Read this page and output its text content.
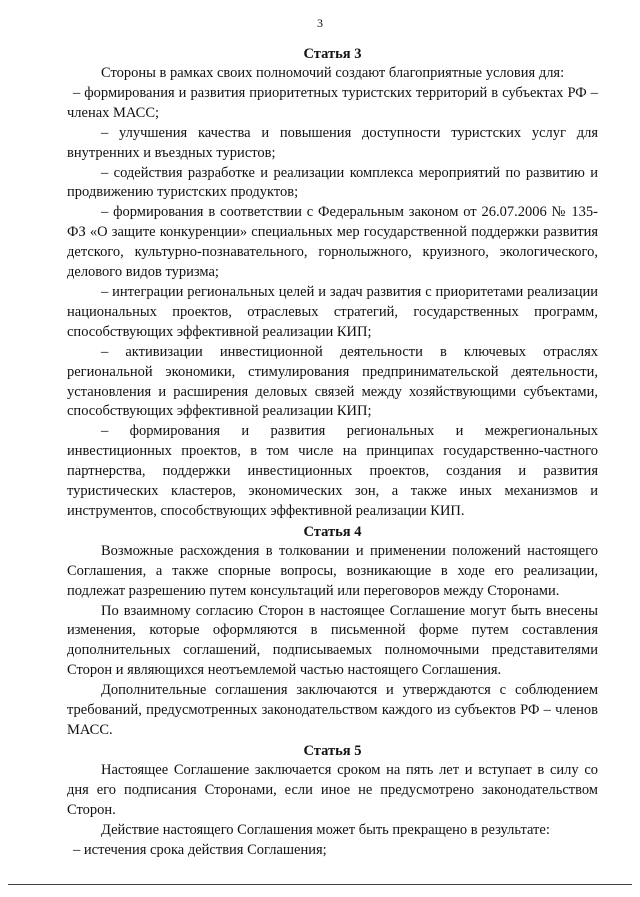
3
Статья 3

Стороны в рамках своих полномочий создают благоприятные условия для:

– формирования и развития приоритетных туристских территорий в субъектах РФ – членах МАСС;

– улучшения качества и повышения доступности туристских услуг для внутренних и въездных туристов;

– содействия разработке и реализации комплекса мероприятий по развитию и продвижению туристских продуктов;

– формирования в соответствии с Федеральным законом от 26.07.2006 № 135-ФЗ «О защите конкуренции» специальных мер государственной поддержки развития детского, культурно-познавательного, горнолыжного, круизного, экологического, делового видов туризма;

– интеграции региональных целей и задач развития с приоритетами реализации национальных проектов, отраслевых стратегий, государственных программ, способствующих эффективной реализации КИП;

– активизации инвестиционной деятельности в ключевых отраслях региональной экономики, стимулирования предпринимательской деятельности, установления и расширения деловых связей между хозяйствующими субъектами, способствующих эффективной реализации КИП;

– формирования и развития региональных и межрегиональных инвестиционных проектов, в том числе на принципах государственно-частного партнерства, поддержки инвестиционных проектов, создания и развития туристических кластеров, экономических зон, а также иных механизмов и инструментов, способствующих эффективной реализации КИП.

Статья 4

Возможные расхождения в толковании и применении положений настоящего Соглашения, а также спорные вопросы, возникающие в ходе его реализации, подлежат разрешению путем консультаций или переговоров между Сторонами.

По взаимному согласию Сторон в настоящее Соглашение могут быть внесены изменения, которые оформляются в письменной форме путем составления дополнительных соглашений, подписываемых полномочными представителями Сторон и являющихся неотъемлемой частью настоящего Соглашения.

Дополнительные соглашения заключаются и утверждаются с соблюдением требований, предусмотренных законодательством каждого из субъектов РФ – членов МАСС.

Статья 5

Настоящее Соглашение заключается сроком на пять лет и вступает в силу со дня его подписания Сторонами, если иное не предусмотрено законодательством Сторон.

Действие настоящего Соглашения может быть прекращено в результате:

– истечения срока действия Соглашения;
